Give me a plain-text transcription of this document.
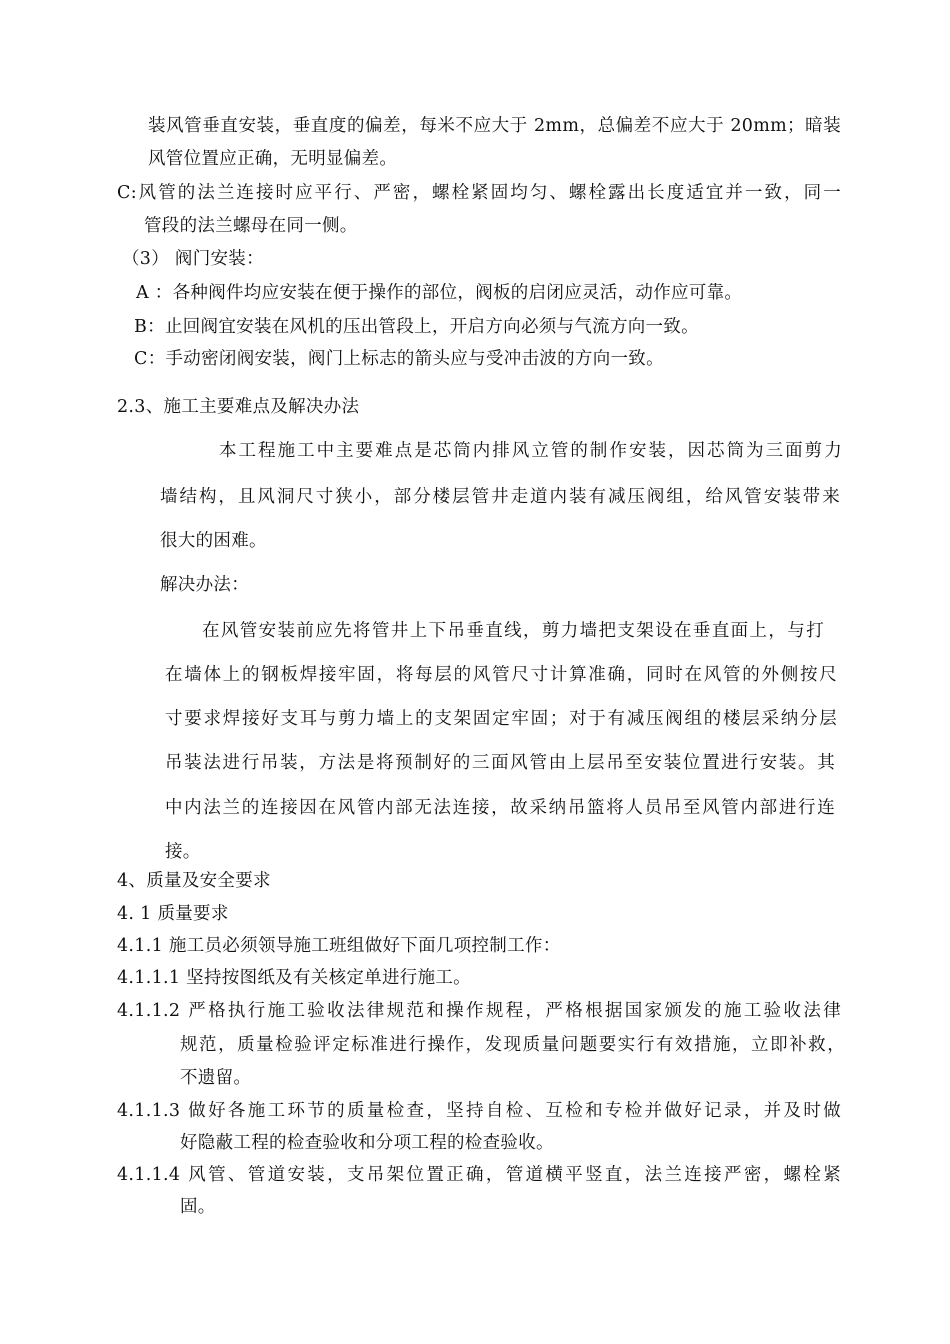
装风管垂直安装，垂直度的偏差，每米不应大于 2mm，总偏差不应大于 20mm；暗装
风管位置应正确，无明显偏差。
C:风管的法兰连接时应平行、严密，螺栓紧固均匀、螺栓露出长度适宜并一致，同一
管段的法兰螺母在同一侧。
（3） 阀门安装：
A ：各种阀件均应安装在便于操作的部位，阀板的启闭应灵活，动作应可靠。
B：止回阀宜安装在风机的压出管段上，开启方向必须与气流方向一致。
C：手动密闭阀安装，阀门上标志的箭头应与受冲击波的方向一致。
2.3、施工主要难点及解决办法
本工程施工中主要难点是芯筒内排风立管的制作安装，因芯筒为三面剪力
墙结构，且风洞尺寸狭小，部分楼层管井走道内装有减压阀组，给风管安装带来
很大的困难。
解决办法：
在风管安装前应先将管井上下吊垂直线，剪力墙把支架设在垂直面上，与打
在墙体上的钢板焊接牢固，将每层的风管尺寸计算准确，同时在风管的外侧按尺
寸要求焊接好支耳与剪力墙上的支架固定牢固；对于有减压阀组的楼层采纳分层
吊装法进行吊装，方法是将预制好的三面风管由上层吊至安装位置进行安装。其
中内法兰的连接因在风管内部无法连接，故采纳吊篮将人员吊至风管内部进行连
接。
4、质量及安全要求
4. 1 质量要求
4.1.1 施工员必须领导施工班组做好下面几项控制工作：
4.1.1.1 坚持按图纸及有关核定单进行施工。
4.1.1.2 严格执行施工验收法律规范和操作规程，严格根据国家颁发的施工验收法律
规范，质量检验评定标准进行操作，发现质量问题要实行有效措施，立即补救，
不遗留。
4.1.1.3 做好各施工环节的质量检查，坚持自检、互检和专检并做好记录，并及时做
好隐蔽工程的检查验收和分项工程的检查验收。
4.1.1.4 风管、管道安装，支吊架位置正确，管道横平竖直，法兰连接严密，螺栓紧
固。
